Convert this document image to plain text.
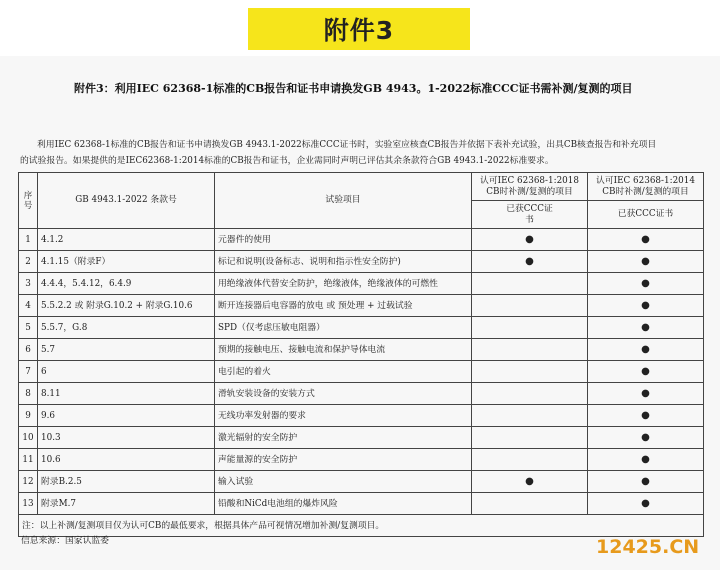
附件3
附件3：利用IEC 62368-1标准的CB报告和证书申请换发GB 4943。1-2022标准CCC证书需补测/复测的项目
利用IEC 62368-1标准的CB报告和证书申请换发GB 4943.1-2022标准CCC证书时，实验室应核查CB报告并依据下表补充试验，出具CB核查报告和补充项目
的试验报告。如果提供的是IEC62368-1:2014标准的CB报告和证书，企业需同时声明已评估其余条款符合GB 4943.1-2022标准要求。
序号	GB 4943.1-2022 条款号	试验项目	认可IEC 62368-1:2018 CB时补测/复测的项目	认可IEC 62368-1:2014 CB时补测/复测的项目
			已获CCC证书	已获CCC证书
1	4.1.2	元器件的使用	●	●
2	4.1.15（附录F）	标记和说明(设备标志、说明和指示性安全防护)	●	●
3	4.4.4，5.4.12，6.4.9	用绝缘液体代替安全防护，绝缘液体，绝缘液体的可燃性		●
4	5.5.2.2 或 附录G.10.2 + 附录G.10.6	断开连接器后电容器的放电 或 预处理 + 过载试验		●
5	5.5.7，G.8	SPD（仅考虑压敏电阻器）		●
6	5.7	预期的接触电压、接触电流和保护导体电流		●
7	6	电引起的着火		●
8	8.11	滑轨安装设备的安装方式		●
9	9.6	无线功率发射器的要求		●
10	10.3	激光辐射的安全防护		●
11	10.6	声能量源的安全防护		●
12	附录B.2.5	输入试验	●	●
13	附录M.7	铅酸和NiCd电池组的爆炸风险		●
注：以上补测/复测项目仅为认可CB的最低要求，根据具体产品可视情况增加补测/复测项目。				
信息来源：国家认监委	12425.CN
